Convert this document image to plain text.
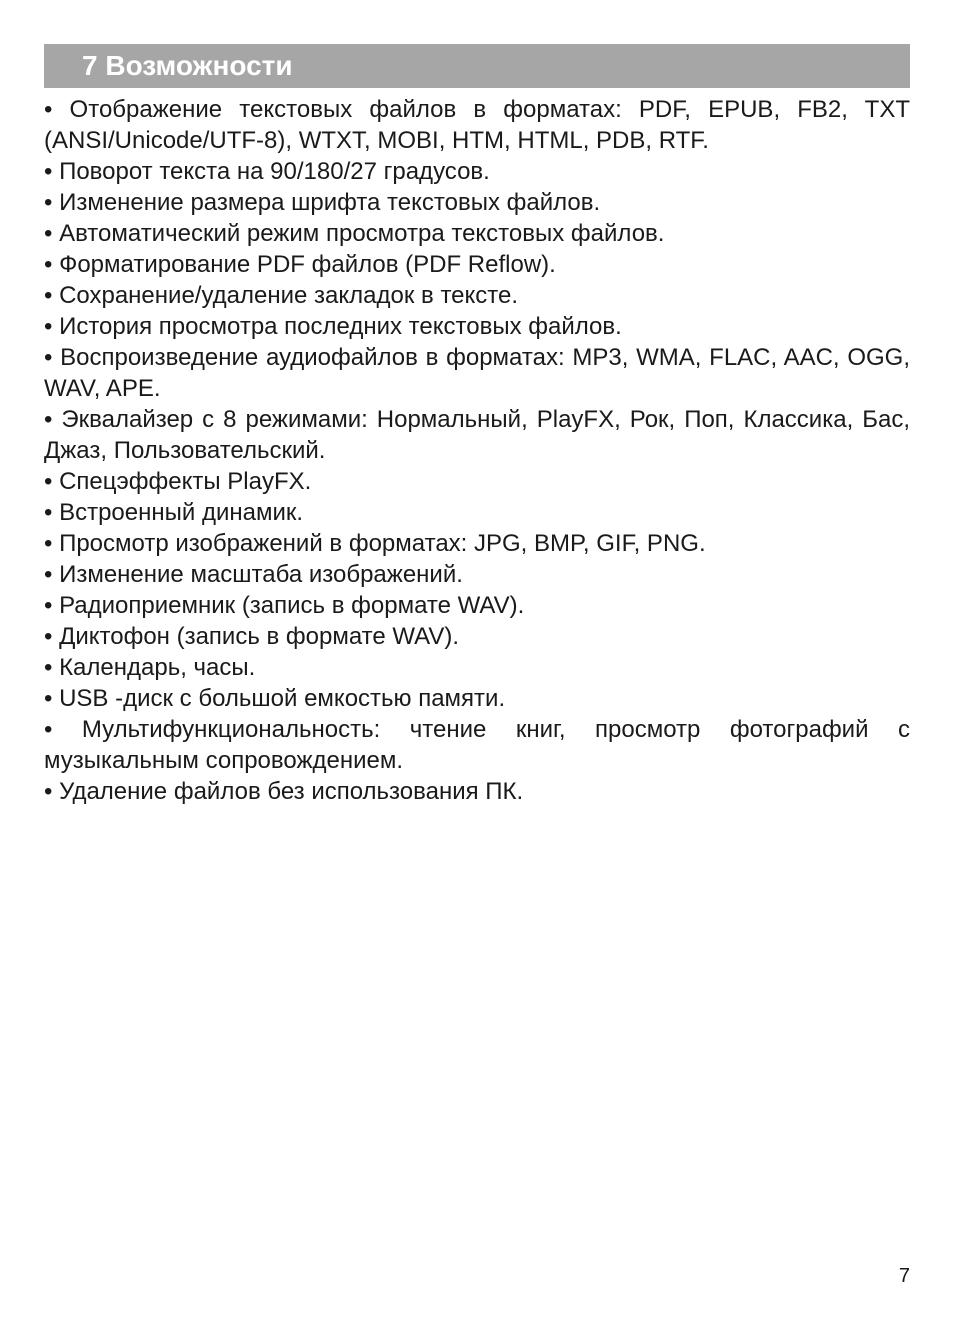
7 Возможности
• Отображение текстовых файлов в форматах: PDF, EPUB, FB2, TXT (ANSI/Unicode/UTF-8), WTXT, MOBI, HTM, HTML, PDB, RTF.
• Поворот текста на 90/180/27 градусов.
• Изменение размера шрифта текстовых файлов.
• Автоматический режим просмотра текстовых файлов.
• Форматирование PDF файлов (PDF Reflow).
• Сохранение/удаление закладок в тексте.
• История просмотра последних текстовых файлов.
• Воспроизведение аудиофайлов в форматах: MP3, WMA, FLAC, AAC, OGG, WAV, APE.
• Эквалайзер с 8 режимами: Нормальный, PlayFX, Рок, Поп, Классика, Бас, Джаз, Пользовательский.
• Спецэффекты PlayFX.
• Встроенный динамик.
• Просмотр изображений в форматах: JPG, BMP, GIF, PNG.
• Изменение масштаба изображений.
• Радиоприемник (запись в формате WAV).
• Диктофон (запись в формате WAV).
• Календарь, часы.
• USB -диск с большой емкостью памяти.
• Мультифункциональность: чтение книг, просмотр фотографий с музыкальным сопровождением.
• Удаление файлов без использования ПК.
7
